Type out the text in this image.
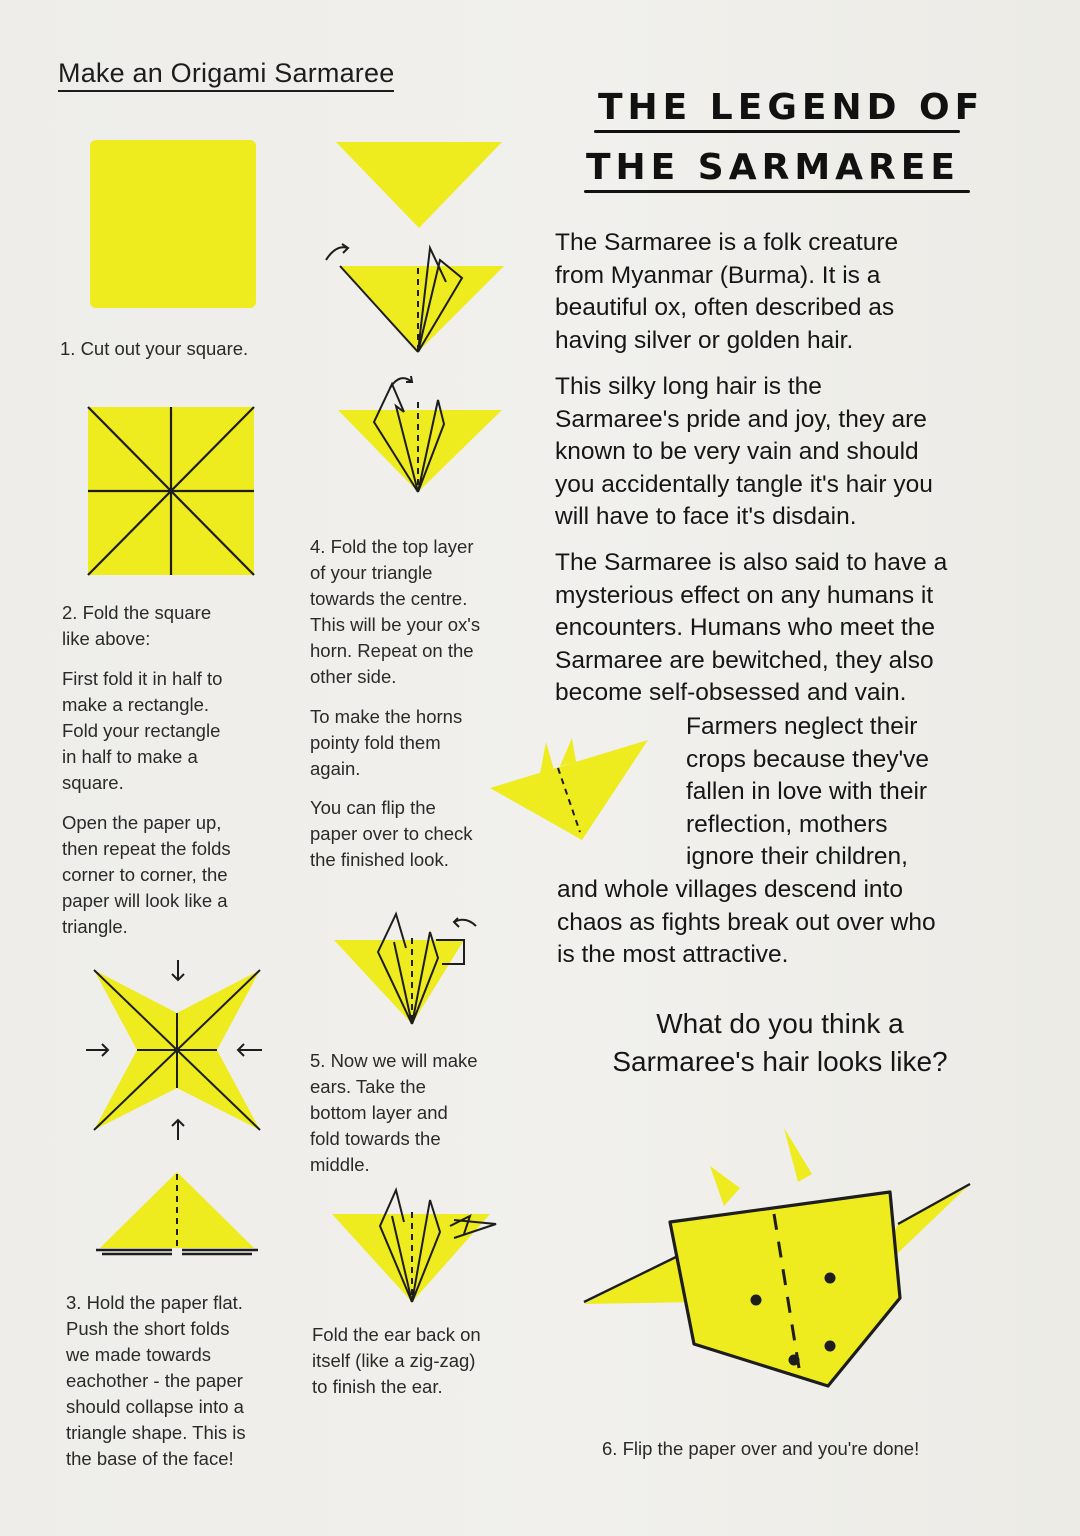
Make an Origami Sarmaree
1. Cut out your square.
2. Fold the square
like above:
First fold it in half to
make a rectangle.
Fold your rectangle
in half to make a
square.
Open the paper up,
then repeat the folds
corner to corner, the
paper will look like a
triangle.
3. Hold the paper flat.
Push the short folds
we made towards
eachother - the paper
should collapse into a
triangle shape. This is
the base of the face!
4. Fold the top layer
of your triangle
towards the centre.
This will be your ox's
horn. Repeat on the
other side.
To make the horns
pointy fold them
again.
You can flip the
paper over to check
the finished look.
5. Now we will make
ears. Take the
bottom layer and
fold towards the
middle.
Fold the ear back on
itself (like a zig-zag)
to finish the ear.
THE LEGEND OF
THE SARMAREE
The Sarmaree is a folk creature
from Myanmar (Burma). It is a
beautiful ox, often described as
having silver or golden hair.
This silky long hair is the
Sarmaree's pride and joy, they are
known to be very vain and should
you accidentally tangle it's hair you
will have to face it's disdain.
The Sarmaree is also said to have a
mysterious effect on any humans it
encounters. Humans who meet the
Sarmaree are bewitched, they also
become self-obsessed and vain.
Farmers neglect their
crops because they've
fallen in love with their
reflection, mothers
ignore their children,
and whole villages descend into
chaos as fights break out over who
is the most attractive.
What do you think a
Sarmaree's hair looks like?
6. Flip the paper over and you're done!
